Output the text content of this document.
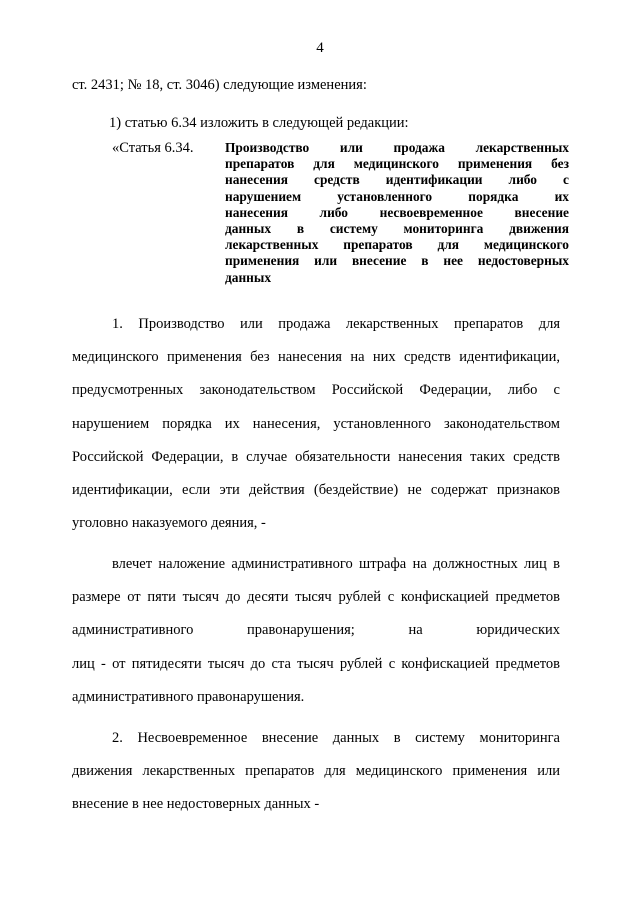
4
ст. 2431; № 18, ст. 3046) следующие изменения:
1) статью 6.34 изложить в следующей редакции:
«Статья 6.34. Производство или продажа лекарственных
препаратов для медицинского применения без
нанесения средств идентификации либо с
нарушением установленного порядка их
нанесения либо несвоевременное внесение
данных в систему мониторинга движения
лекарственных препаратов для медицинского
применения или внесение в нее недостоверных
данных
1. Производство или продажа лекарственных препаратов для
медицинского применения без нанесения на них средств идентификации,
предусмотренных законодательством Российской Федерации, либо с
нарушением порядка их нанесения, установленного законодательством
Российской Федерации, в случае обязательности нанесения таких средств
идентификации, если эти действия (бездействие) не содержат признаков
уголовно наказуемого деяния, -
влечет наложение административного штрафа на должностных лиц в
размере от пяти тысяч до десяти тысяч рублей с конфискацией предметов
административного правонарушения; на юридических
лиц - от пятидесяти тысяч до ста тысяч рублей с конфискацией предметов
административного правонарушения.
2. Несвоевременное внесение данных в систему мониторинга
движения лекарственных препаратов для медицинского применения или
внесение в нее недостоверных данных -
